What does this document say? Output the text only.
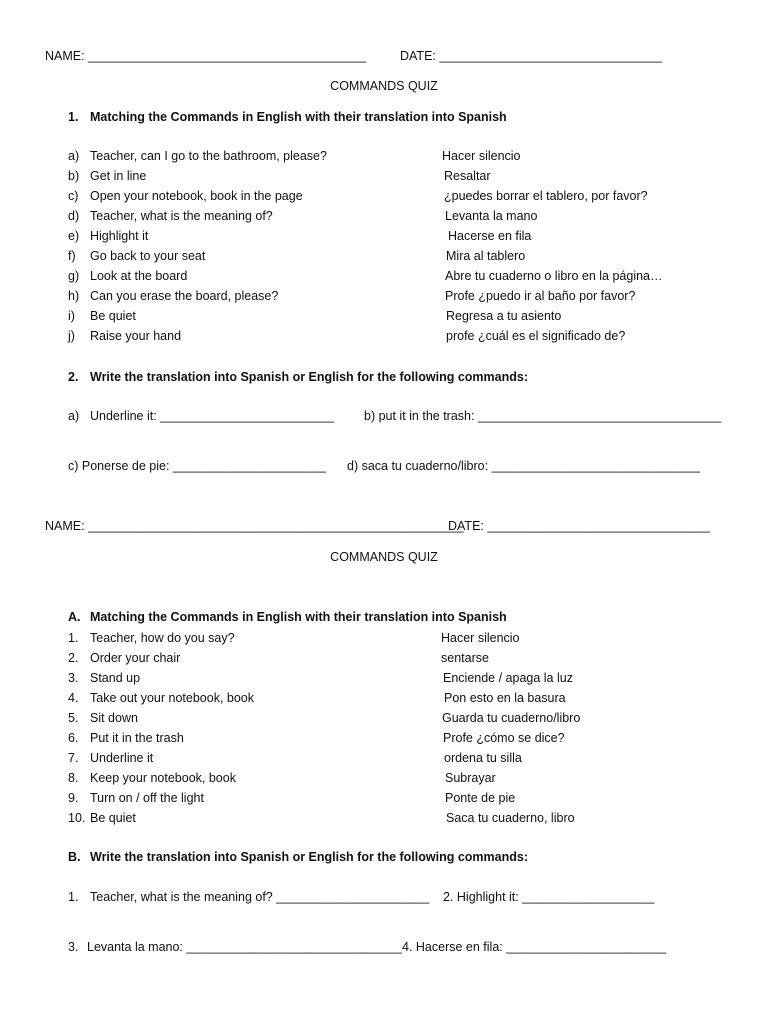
NAME: ________________________________________	DATE: ________________________________
COMMANDS QUIZ
1. Matching the Commands in English with their translation into Spanish
a) Teacher, can I go to the bathroom, please?	Hacer silencio
b) Get in line	Resaltar
c) Open your notebook, book in the page	¿puedes borrar el tablero, por favor?
d) Teacher, what is the meaning of?	Levanta la mano
e) Highlight it	Hacerse en fila
f) Go back to your seat	Mira al tablero
g) Look at the board	Abre tu cuaderno o libro en la página…
h) Can you erase the board, please?	Profe ¿puedo ir al baño por favor?
i) Be quiet	Regresa a tu asiento
j) Raise your hand	profe ¿cuál es el significado de?
2. Write the translation into Spanish or English for the following commands:
a) Underline it: _________________________ b) put it in the trash: ___________________________________
c) Ponerse de pie: ______________________ d) saca tu cuaderno/libro: ______________________________
NAME: ______________________________________________________
DATE: ________________________________
COMMANDS QUIZ
A. Matching the Commands in English with their translation into Spanish
1. Teacher, how do you say?	Hacer silencio
2. Order your chair	sentarse
3. Stand up	Enciende / apaga la luz
4. Take out your notebook, book	Pon esto en la basura
5. Sit down	Guarda tu cuaderno/libro
6. Put it in the trash	Profe ¿cómo se dice?
7. Underline it	ordena tu silla
8. Keep your notebook, book	Subrayar
9. Turn on / off the light	Ponte de pie
10. Be quiet	Saca tu cuaderno, libro
B. Write the translation into Spanish or English for the following commands:
1. Teacher, what is the meaning of? ______________________ 2. Highlight it: ___________________
3. Levanta la mano: _______________________________ 4. Hacerse en fila: _______________________
